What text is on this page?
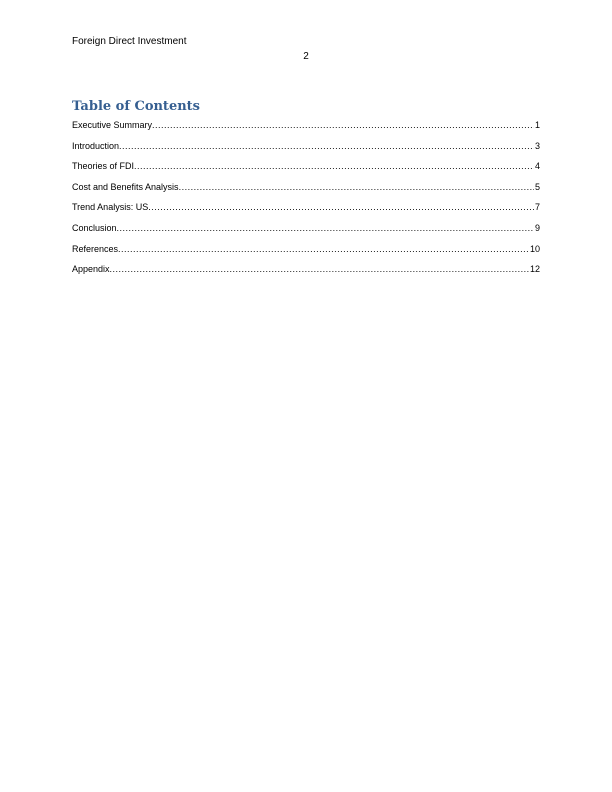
Foreign Direct Investment
2
Table of Contents
Executive Summary .....	1
Introduction .....	3
Theories of FDI .....	4
Cost and Benefits Analysis .....	5
Trend Analysis: US .....	7
Conclusion .....	9
References .....	10
Appendix .....	12
